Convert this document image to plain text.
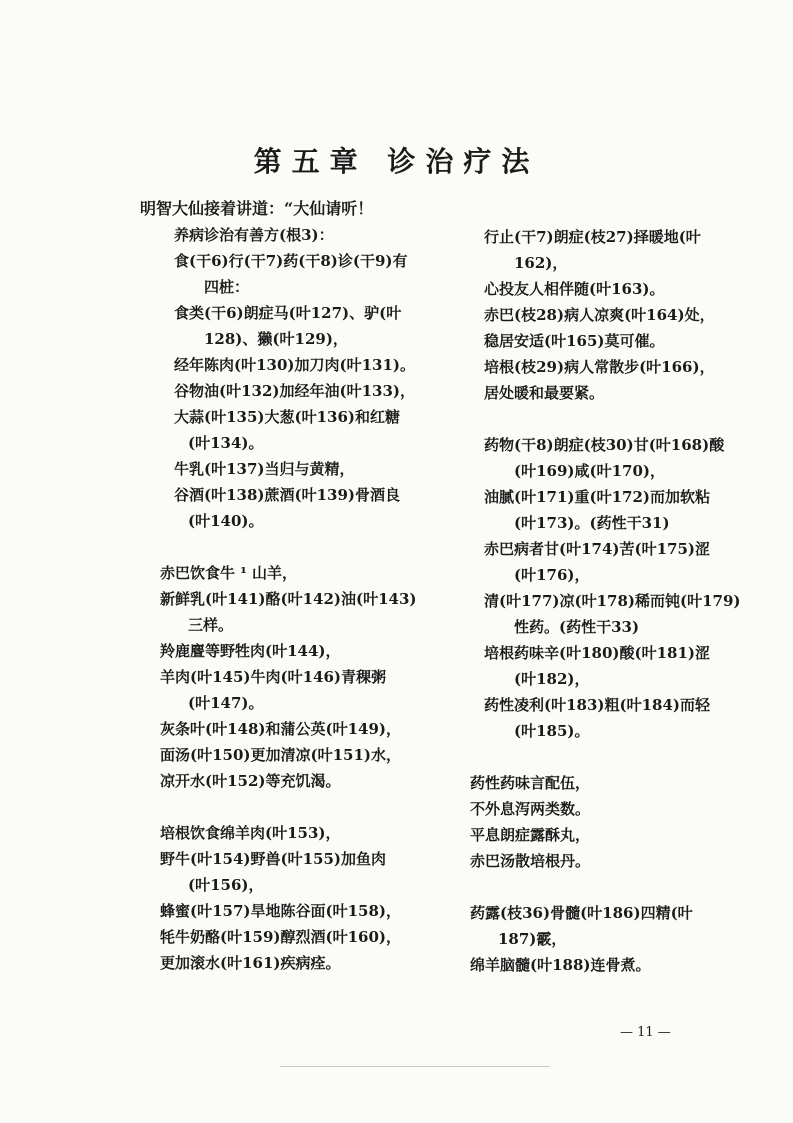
第五章 诊治疗法
明智大仙接着讲道：“大仙请听！
养病诊治有善方(根3)：
食(干6)行(干7)药(干8)诊(干9)有
四桩：
食类(干6)朗症马(叶127)、驴(叶
128)、獭(叶129)，
经年陈肉(叶130)加刀肉(叶131)。
谷物油(叶132)加经年油(叶133)，
大蒜(叶135)大葱(叶136)和红糖
(叶134)。
牛乳(叶137)当归与黄精，
谷酒(叶138)蔗酒(叶139)骨酒良
(叶140)。
赤巴饮食牛 ¹ 山羊，
新鲜乳(叶141)酪(叶142)油(叶143)
三样。
羚鹿麆等野牲肉(叶144)，
羊肉(叶145)牛肉(叶146)青稞粥
(叶147)。
灰条叶(叶148)和蒲公英(叶149)，
面汤(叶150)更加清凉(叶151)水，
凉开水(叶152)等充饥渴。
培根饮食绵羊肉(叶153)，
野牛(叶154)野兽(叶155)加鱼肉
(叶156)，
蜂蜜(叶157)旱地陈谷面(叶158)，
牦牛奶酪(叶159)醇烈酒(叶160)，
更加滚水(叶161)疾病痊。
行止(干7)朗症(枝27)择暖地(叶
162)，
心投友人相伴随(叶163)。
赤巴(枝28)病人凉爽(叶164)处，
稳居安适(叶165)莫可催。
培根(枝29)病人常散步(叶166)，
居处暖和最要紧。
药物(干8)朗症(枝30)甘(叶168)酸
(叶169)咸(叶170)，
油腻(叶171)重(叶172)而加软粘
(叶173)。(药性干31)
赤巴病者甘(叶174)苦(叶175)涩
(叶176)，
清(叶177)凉(叶178)稀而钝(叶179)
性药。(药性干33)
培根药味辛(叶180)酸(叶181)涩
(叶182)，
药性凌利(叶183)粗(叶184)而轻
(叶185)。
药性药味言配伍，
不外息泻两类数。
平息朗症露酥丸，
赤巴汤散培根丹。
药露(枝36)骨髓(叶186)四精(叶
187)霰，
绵羊脑髓(叶188)连骨煮。
— 11 —
